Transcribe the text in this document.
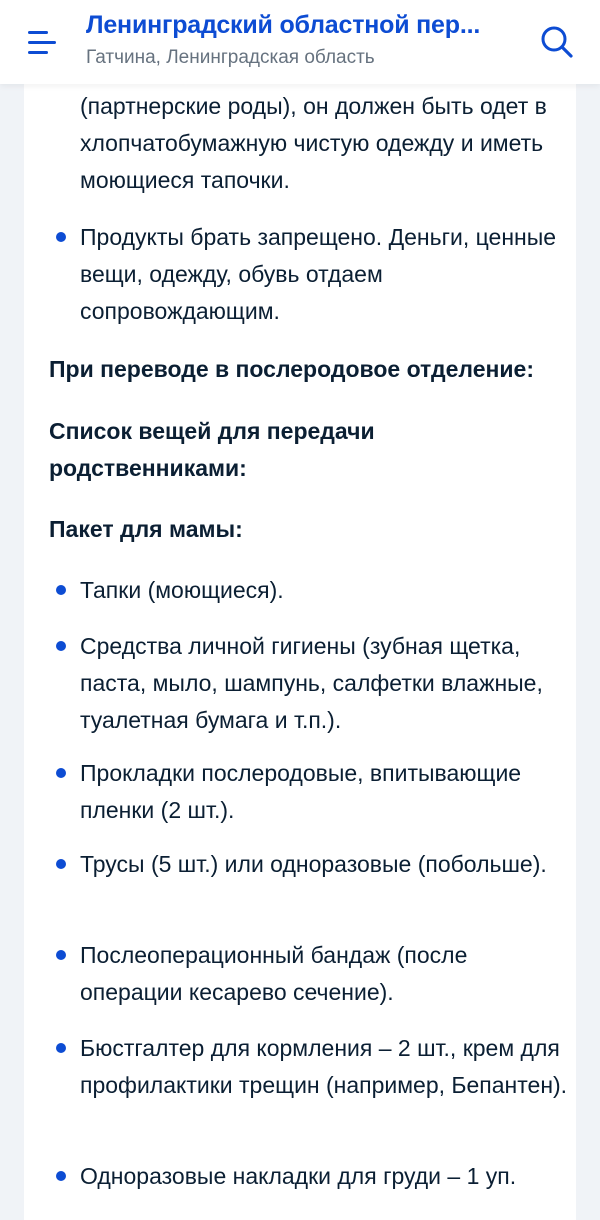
Ленинградский областной пер...
Гатчина, Ленинградская область
(партнерские роды), он должен быть одет в хлопчатобумажную чистую одежду и иметь моющиеся тапочки.
Продукты брать запрещено. Деньги, ценные вещи, одежду, обувь отдаем сопровождающим.
При переводе в послеродовое отделение:
Список вещей для передачи родственниками:
Пакет для мамы:
Тапки (моющиеся).
Средства личной гигиены (зубная щетка, паста, мыло, шампунь, салфетки влажные, туалетная бумага и т.п.).
Прокладки послеродовые, впитывающие пленки (2 шт.).
Трусы (5 шт.) или одноразовые (побольше).
Послеоперационный бандаж (после операции кесарево сечение).
Бюстгалтер для кормления – 2 шт., крем для профилактики трещин (например, Бепантен).
Одноразовые накладки для груди – 1 уп.
